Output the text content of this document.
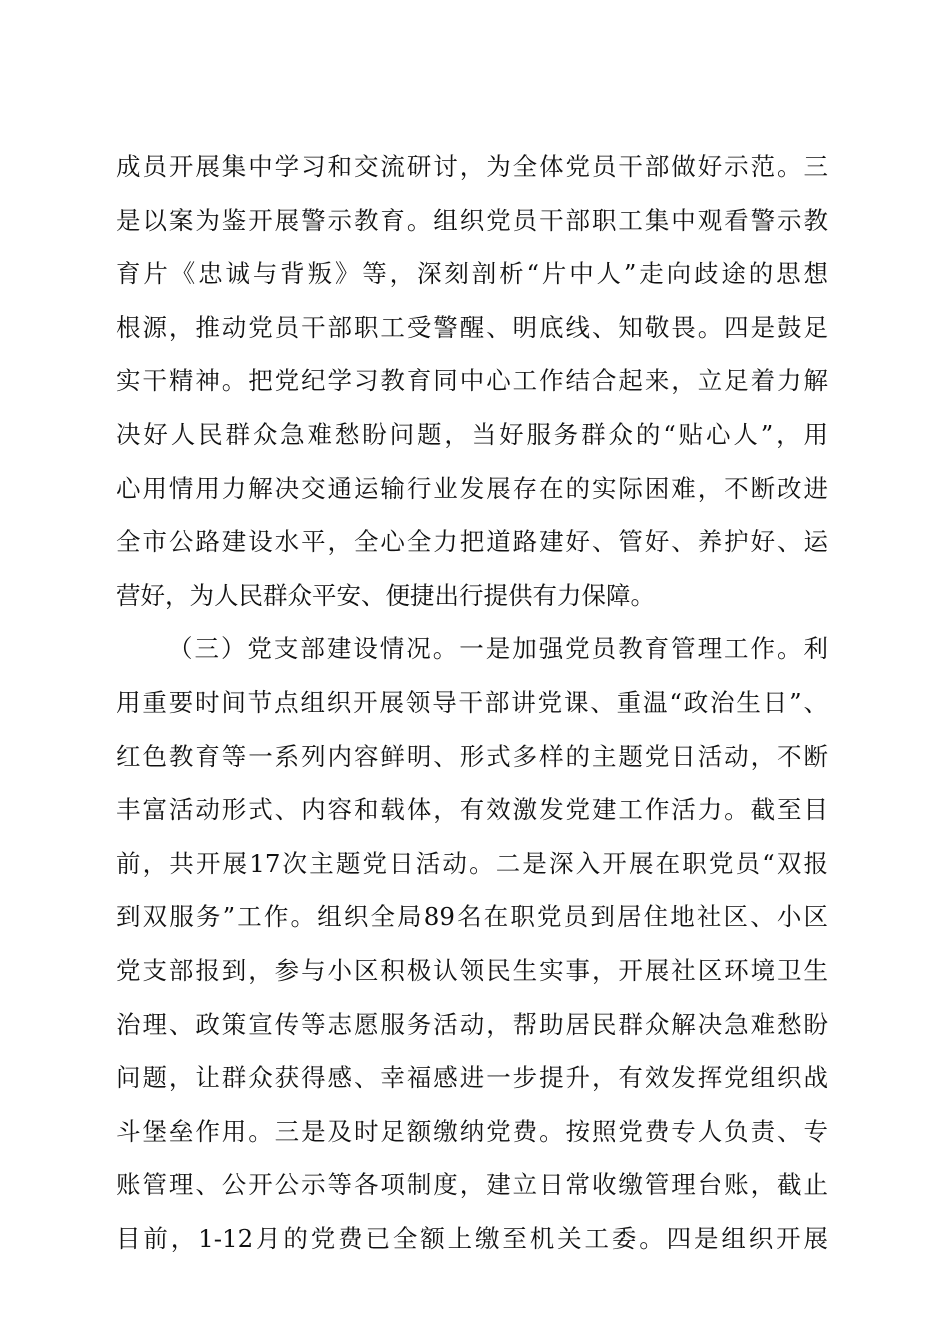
成员开展集中学习和交流研讨，为全体党员干部做好示范。三
是以案为鉴开展警示教育。组织党员干部职工集中观看警示教
育片《忠诚与背叛》等，深刻剖析“片中人”走向歧途的思想
根源，推动党员干部职工受警醒、明底线、知敬畏。四是鼓足
实干精神。把党纪学习教育同中心工作结合起来，立足着力解
决好人民群众急难愁盼问题，当好服务群众的“贴心人”，用
心用情用力解决交通运输行业发展存在的实际困难，不断改进
全市公路建设水平，全心全力把道路建好、管好、养护好、运
营好，为人民群众平安、便捷出行提供有力保障。
（三）党支部建设情况。一是加强党员教育管理工作。利
用重要时间节点组织开展领导干部讲党课、重温“政治生日”、
红色教育等一系列内容鲜明、形式多样的主题党日活动，不断
丰富活动形式、内容和载体，有效激发党建工作活力。截至目
前，共开展17次主题党日活动。二是深入开展在职党员“双报
到双服务”工作。组织全局89名在职党员到居住地社区、小区
党支部报到，参与小区积极认领民生实事，开展社区环境卫生
治理、政策宣传等志愿服务活动，帮助居民群众解决急难愁盼
问题，让群众获得感、幸福感进一步提升，有效发挥党组织战
斗堡垒作用。三是及时足额缴纳党费。按照党费专人负责、专
账管理、公开公示等各项制度，建立日常收缴管理台账，截止
目前，1-12月的党费已全额上缴至机关工委。四是组织开展
